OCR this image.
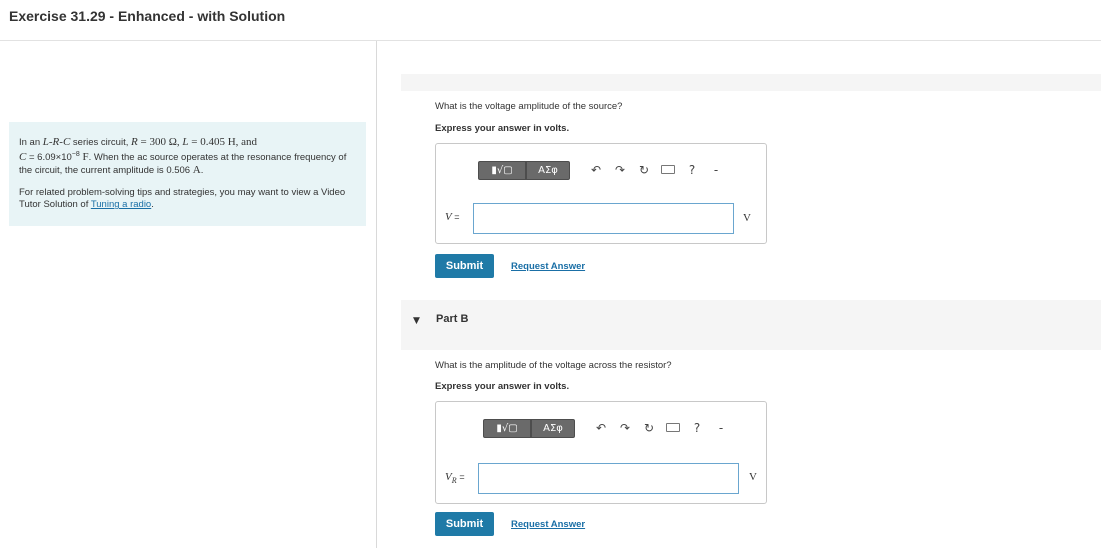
Exercise 31.29 - Enhanced - with Solution

In an L-R-C series circuit, R = 300 Ω, L = 0.405 H, and
$C = 6.09\times 10^{-8}$ F. When the ac source operates at the resonance frequency of the circuit, the current amplitude is 0.506 A.

For related problem-solving tips and strategies, you may want to view a Video Tutor Solution of Tuning a radio.

What is the voltage amplitude of the source?
Express your answer in volts.
▮√▢	ΑΣφ	↶	↷	↻	?	-
V =	V
Submit	Request Answer
▼ Part B
What is the amplitude of the voltage across the resistor?
Express your answer in volts.
▮√▢	ΑΣφ	↶	↷	↻	?	-
$V_R$ =	V
Submit	Request Answer
